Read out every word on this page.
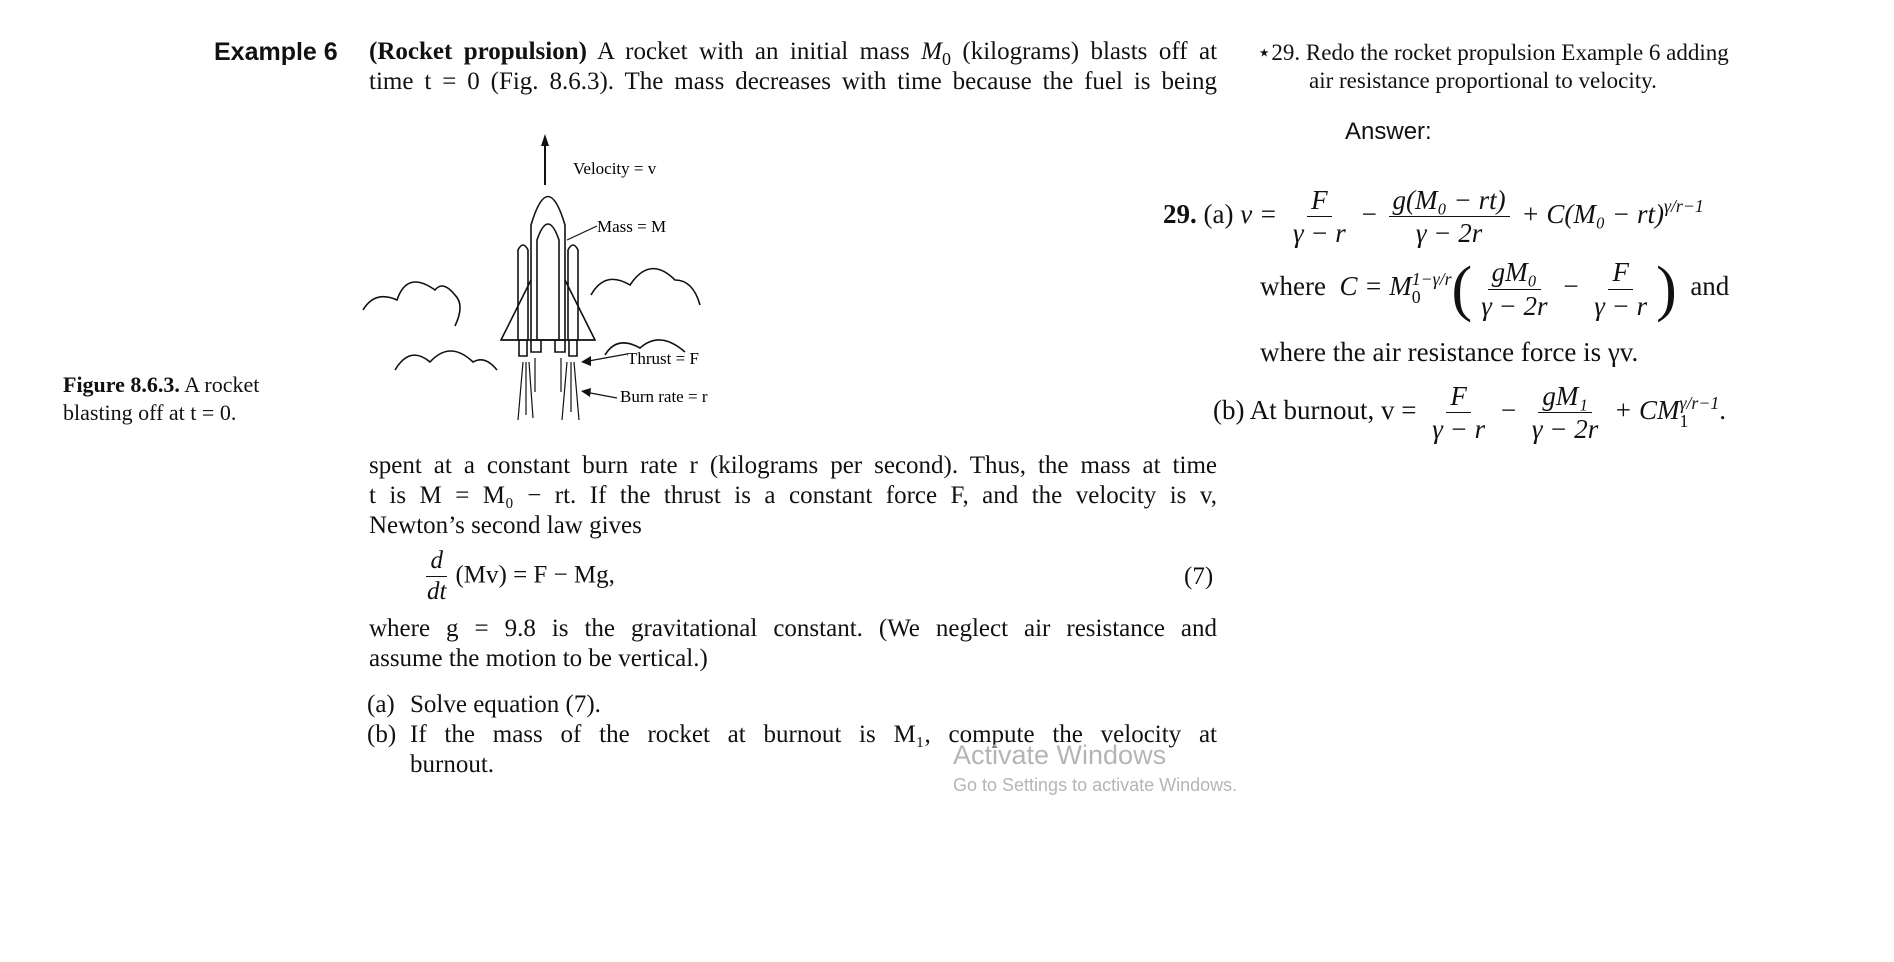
Example 6 (Rocket propulsion) A rocket with an initial mass $M_0$ (kilograms) blasts off at
time t = 0 (Fig. 8.6.3). The mass decreases with time because the fuel is being
Velocity = v
Mass = M
Thrust = F
Burn rate = r
Figure 8.6.3. A rocket
blasting off at t = 0.
spent at a constant burn rate r (kilograms per second). Thus, the mass at time
t is M = M₀ − rt. If the thrust is a constant force F, and the velocity is v,
Newton’s second law gives
$\frac{d}{dt} (Mv) = F - Mg$,	(7)
where g = 9.8 is the gravitational constant. (We neglect air resistance and
assume the motion to be vertical.)
(a) Solve equation (7).
(b) If the mass of the rocket at burnout is M₁, compute the velocity at
burnout.
⋆29. Redo the rocket propulsion Example 6 adding
air resistance proportional to velocity.
Answer:
29. (a) $v = \frac{F}{\gamma - r} - \frac{\text{g(M₀ − rt)}}{\gamma - 2r} + C(M_0 - rt)^{\gamma/r-1}$
where C = M 1−γ/r
0 ( $\frac{\text{gM₀}}{\gamma - 2r} - \frac{F}{\gamma - r}$ ) and
where the air resistance force is γv.
(b) At burnout, $v = \frac{F}{\gamma - r} - \frac{\text{gM₁}}{\gamma - 2r}$ + CM γ/r−1
1	.
Activate Windows
Go to Settings to activate Windows.
